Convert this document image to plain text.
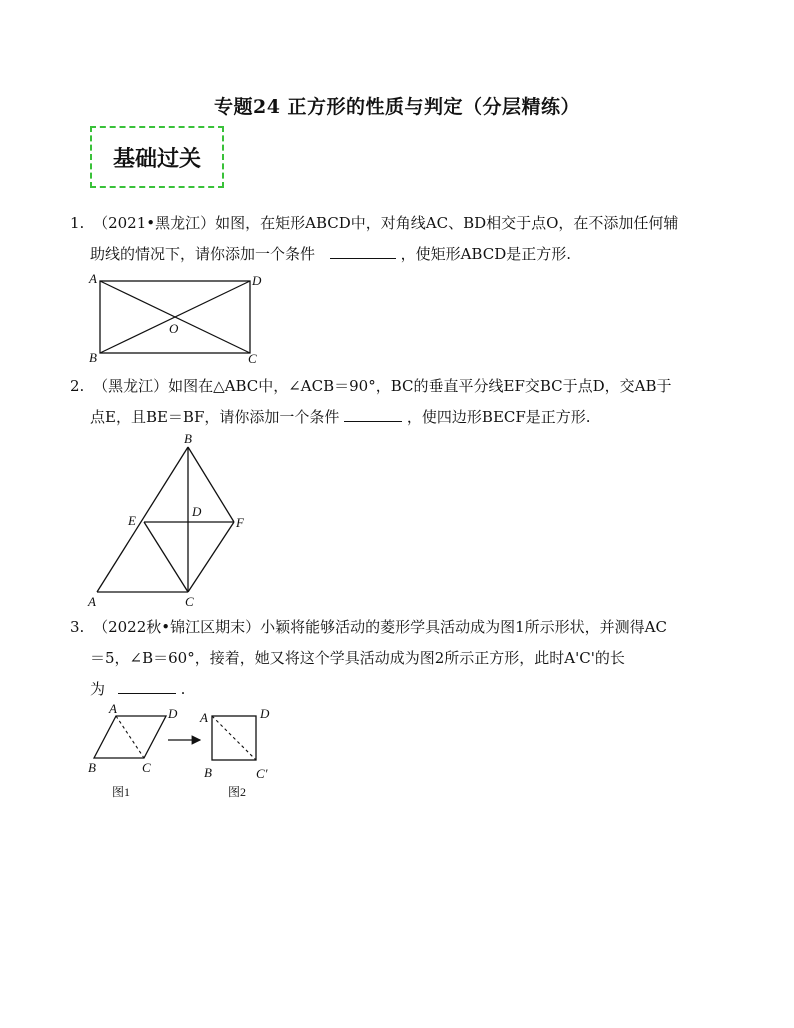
专题24 正方形的性质与判定（分层精练）
基础过关
1. （2021•黑龙江）如图，在矩形ABCD中，对角线AC、BD相交于点O，在不添加任何辅
助线的情况下，请你添加一个条件	，使矩形ABCD是正方形.
A	D
B	C
O
2. （黑龙江）如图在△ABC中，∠ACB＝90°，BC的垂直平分线EF交BC于点D，交AB于
点E，且BE＝BF，请你添加一个条件	，使四边形BECF是正方形.
B
E
D
F
A	C
3. （2022秋•锦江区期末）小颖将能够活动的菱形学具活动成为图1所示形状，并测得AC
＝5，∠B＝60°，接着，她又将这个学具活动成为图2所示正方形，此时A'C'的长
为	.
A	D
B	C
图1
A	D
B	C′
图2
